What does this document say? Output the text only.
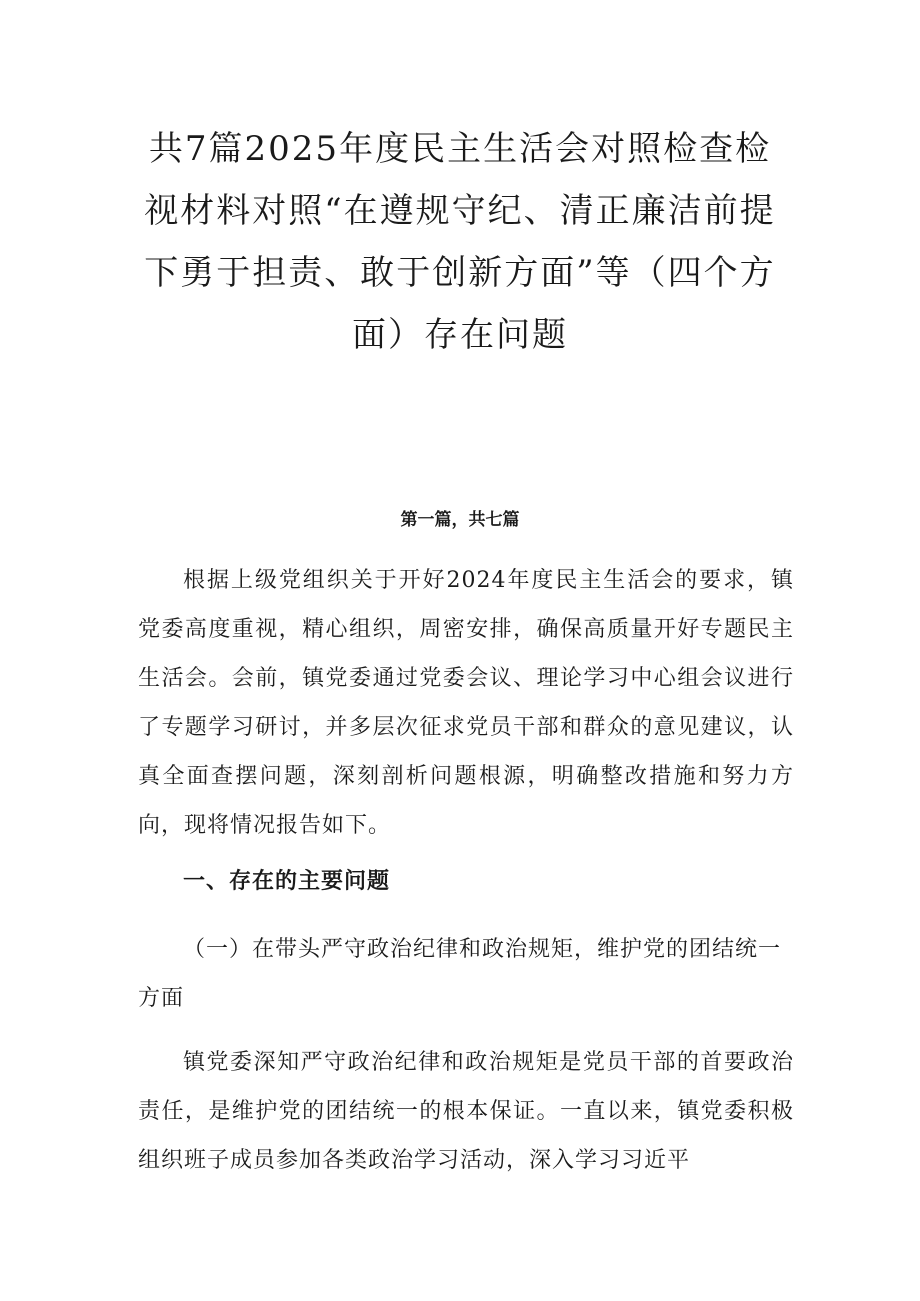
共7篇2025年度民主生活会对照检查检视材料对照“在遵规守纪、清正廉洁前提下勇于担责、敢于创新方面”等（四个方面）存在问题

第一篇，共七篇

根据上级党组织关于开好2024年度民主生活会的要求，镇党委高度重视，精心组织，周密安排，确保高质量开好专题民主生活会。会前，镇党委通过党委会议、理论学习中心组会议进行了专题学习研讨，并多层次征求党员干部和群众的意见建议，认真全面查摆问题，深刻剖析问题根源，明确整改措施和努力方向，现将情况报告如下。

一、存在的主要问题

（一）在带头严守政治纪律和政治规矩，维护党的团结统一方面

镇党委深知严守政治纪律和政治规矩是党员干部的首要政治责任，是维护党的团结统一的根本保证。一直以来，镇党委积极组织班子成员参加各类政治学习活动，深入学习习近平
